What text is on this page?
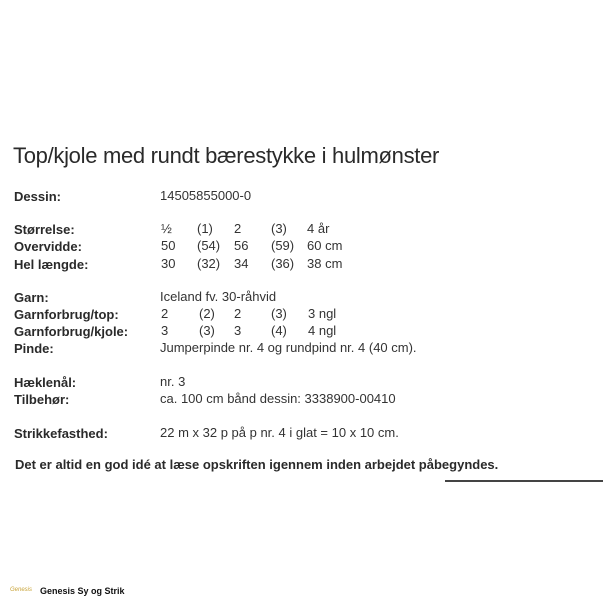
Top/kjole med rundt bærestykke i hulmønster
Dessin:	14505855000-0
Størrelse:	½ (1) 2 (3) 4 år
Overvidde:	50 (54) 56 (59) 60 cm
Hel længde:	30 (32) 34 (36) 38 cm
Garn:	Iceland fv. 30-råhvid
Garnforbrug/top:	2 (2) 2 (3) 3 ngl
Garnforbrug/kjole:	3 (3) 3 (4) 4 ngl
Pinde:	Jumperpinde nr. 4 og rundpind nr. 4 (40 cm).
Hæklenål:	nr. 3
Tilbehør:	ca. 100 cm bånd dessin: 3338900-00410
Strikkefasthed:	22 m x 32 p på p nr. 4 i glat = 10 x 10 cm.
Det er altid en god idé at læse opskriften igennem inden arbejdet påbegyndes.
Genesis Genesis Sy og Strik
